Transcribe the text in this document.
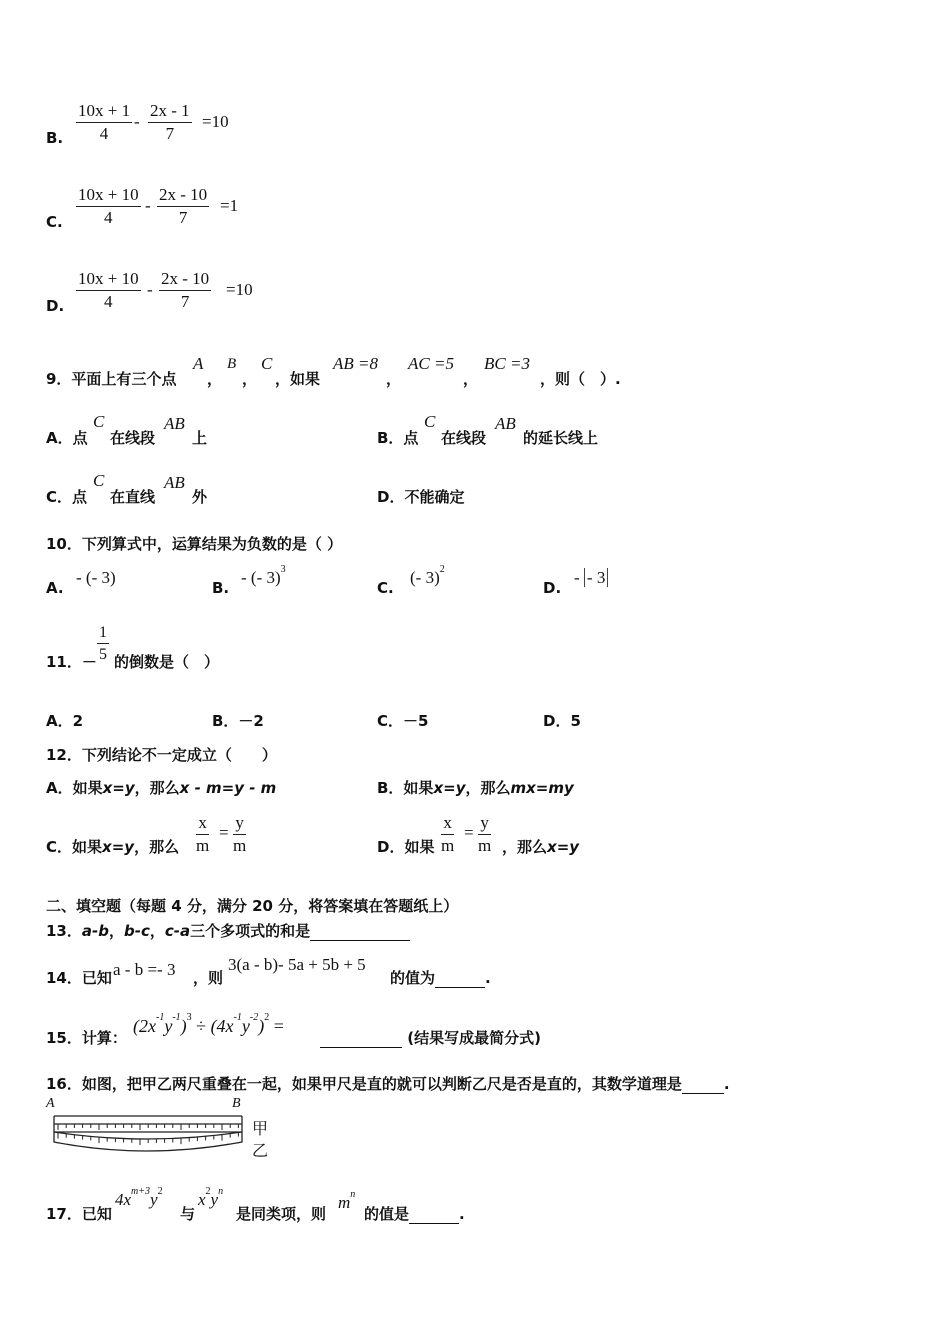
B. $\frac{10x + 1}{4} - \frac{2x - 1}{7} =10$
C. $\frac{10x + 10}{4} - \frac{2x - 10}{7} =1$
D. $\frac{10x + 10}{4} - \frac{2x - 10}{7} =10$
9．平面上有三个点
A
，
B
，
C
，如果
AB =8
，
AC =5
，
BC =3
，则（　）.
A．点
C
在线段
AB
上	B．点
C
在线段
AB
的延长线上
C．点
C
在直线
AB
外	D．不能确定
10．下列算式中，运算结果为负数的是（ ）
A.
- (- 3)
B.
- (- 3)$^3$
C.
(- 3)$^2$
D.
- - 3
11．－ $\frac{1}{5}$ 的倒数是（　）
A．2	B．－2	C．－5	D．5
12．下列结论不一定成立（　　）
A．如果x=y，那么x - m=y - m	B．如果x=y，那么mx=my
C．如果x=y，那么 $\frac{x}{m} = \frac{y}{m}$	D．如果 $\frac{x}{m} = \frac{y}{m}$ ，那么x=y
二、填空题（每题 4 分，满分 20 分，将答案填在答题纸上）
13．a-b，b-c，c-a三个多项式的和是
14．已知 a - b =- 3 ，则
3(a - b)- 5a + 5b + 5
的值为	.
15．计算：
$(2x^{-1}y^{-1})^3 \div (4x^{-1}y^{-2})^2$ =
(结果写成最简分式)
16．如图，把甲乙两尺重叠在一起，如果甲尺是直的就可以判断乙尺是否是直的，其数学道理是	.
A	B
甲
乙
17．已知
$4x^{m+3}y^2$
与
$x^2y^n$
是同类项，则
$m^n$
的值是	.
